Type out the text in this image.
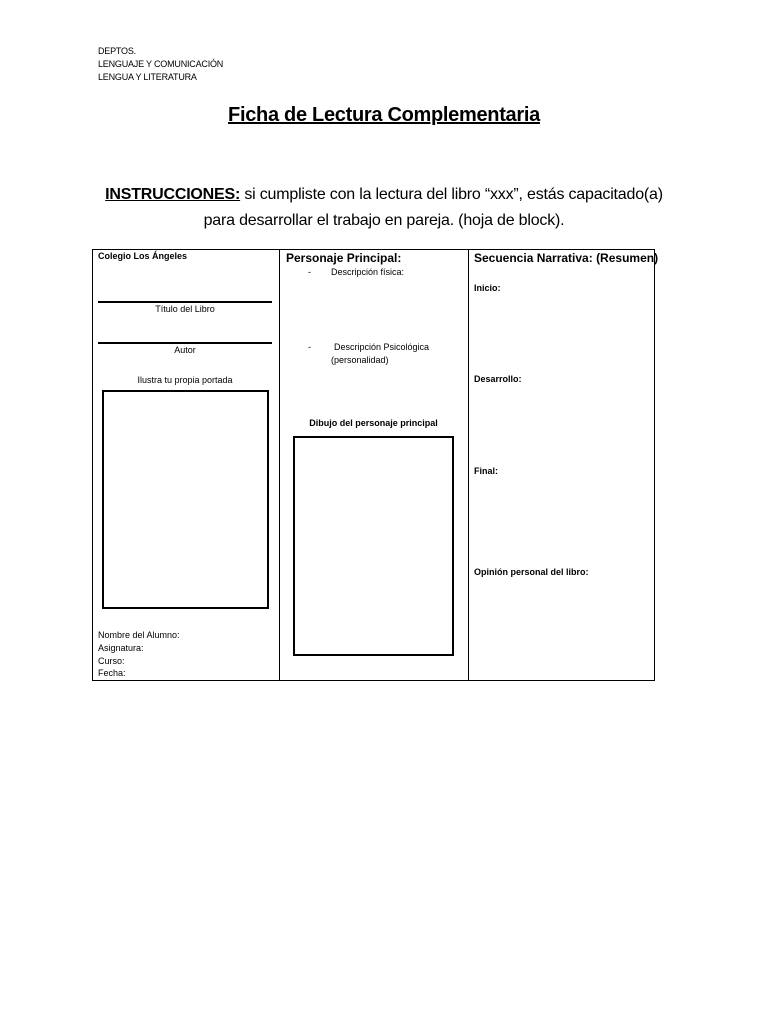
DEPTOS.
LENGUAJE Y COMUNICACIÓN
LENGUA Y LITERATURA
Ficha de Lectura Complementaria
INSTRUCCIONES: si cumpliste con la lectura del libro “xxx”, estás capacitado(a)
para desarrollar el trabajo en pareja. (hoja de block).
Colegio Los Ángeles
Título del Libro
Autor
Ilustra tu propia portada
Nombre del Alumno:
Asignatura:
Curso:
Fecha:
Personaje Principal:
- Descripción física:
-	Descripción Psicológica
(personalidad)
Dibujo del personaje principal
Secuencia Narrativa: (Resumen)
Inicio:
Desarrollo:
Final:
Opinión personal del libro:
